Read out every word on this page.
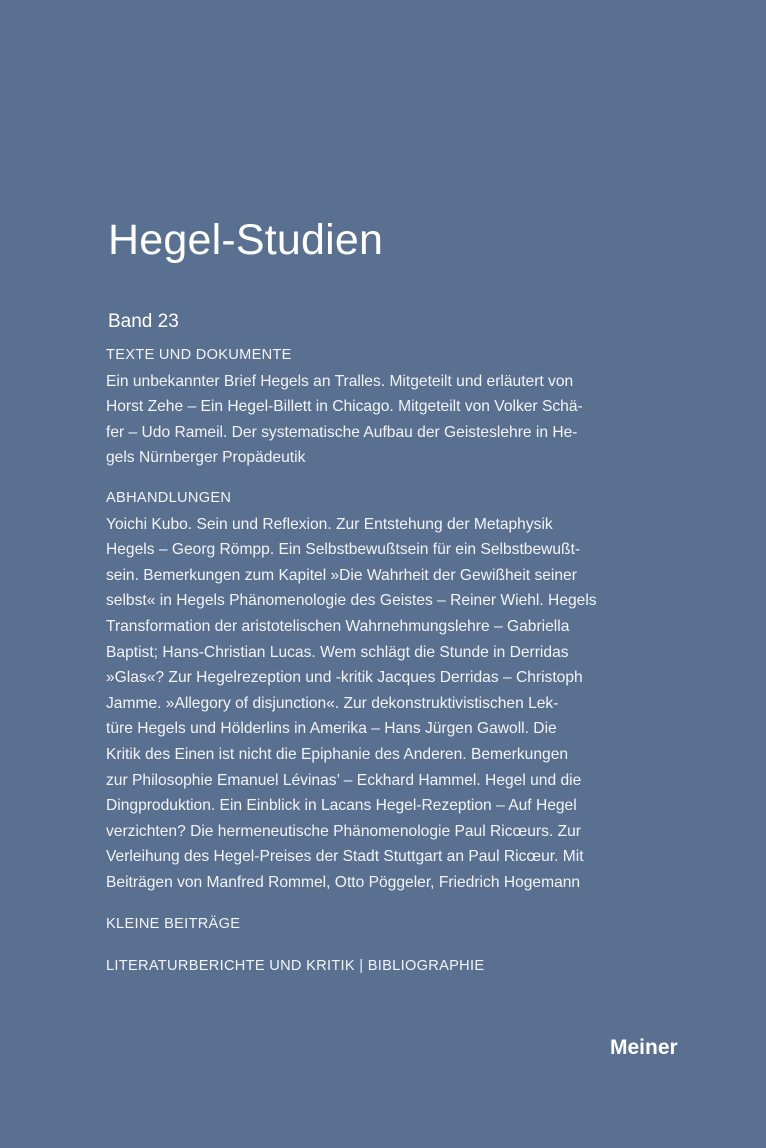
Hegel-Studien
Band 23
TEXTE UND DOKUMENTE
Ein unbekannter Brief Hegels an Tralles. Mitgeteilt und erläutert von
Horst Zehe – Ein Hegel-Billett in Chicago. Mitgeteilt von Volker Schä-
fer – Udo Rameil. Der systematische Aufbau der Geisteslehre in He-
gels Nürnberger Propädeutik
ABHANDLUNGEN
Yoichi Kubo. Sein und Reflexion. Zur Entstehung der Metaphysik
Hegels – Georg Römpp. Ein Selbstbewußtsein für ein Selbstbewußt-
sein. Bemerkungen zum Kapitel »Die Wahrheit der Gewißheit seiner
selbst« in Hegels Phänomenologie des Geistes – Reiner Wiehl. Hegels
Transformation der aristotelischen Wahrnehmungslehre – Gabriella
Baptist; Hans-Christian Lucas. Wem schlägt die Stunde in Derridas
»Glas«? Zur Hegelrezeption und -kritik Jacques Derridas – Christoph
Jamme. »Allegory of disjunction«. Zur dekonstruktivistischen Lek-
türe Hegels und Hölderlins in Amerika – Hans Jürgen Gawoll. Die
Kritik des Einen ist nicht die Epiphanie des Anderen. Bemerkungen
zur Philosophie Emanuel Lévinas’ – Eckhard Hammel. Hegel und die
Dingproduktion. Ein Einblick in Lacans Hegel-Rezeption – Auf Hegel
verzichten? Die hermeneutische Phänomenologie Paul Ricœurs. Zur
Verleihung des Hegel-Preises der Stadt Stuttgart an Paul Ricœur. Mit
Beiträgen von Manfred Rommel, Otto Pöggeler, Friedrich Hogemann
KLEINE BEITRÄGE
LITERATURBERICHTE UND KRITIK | BIBLIOGRAPHIE
Meiner
